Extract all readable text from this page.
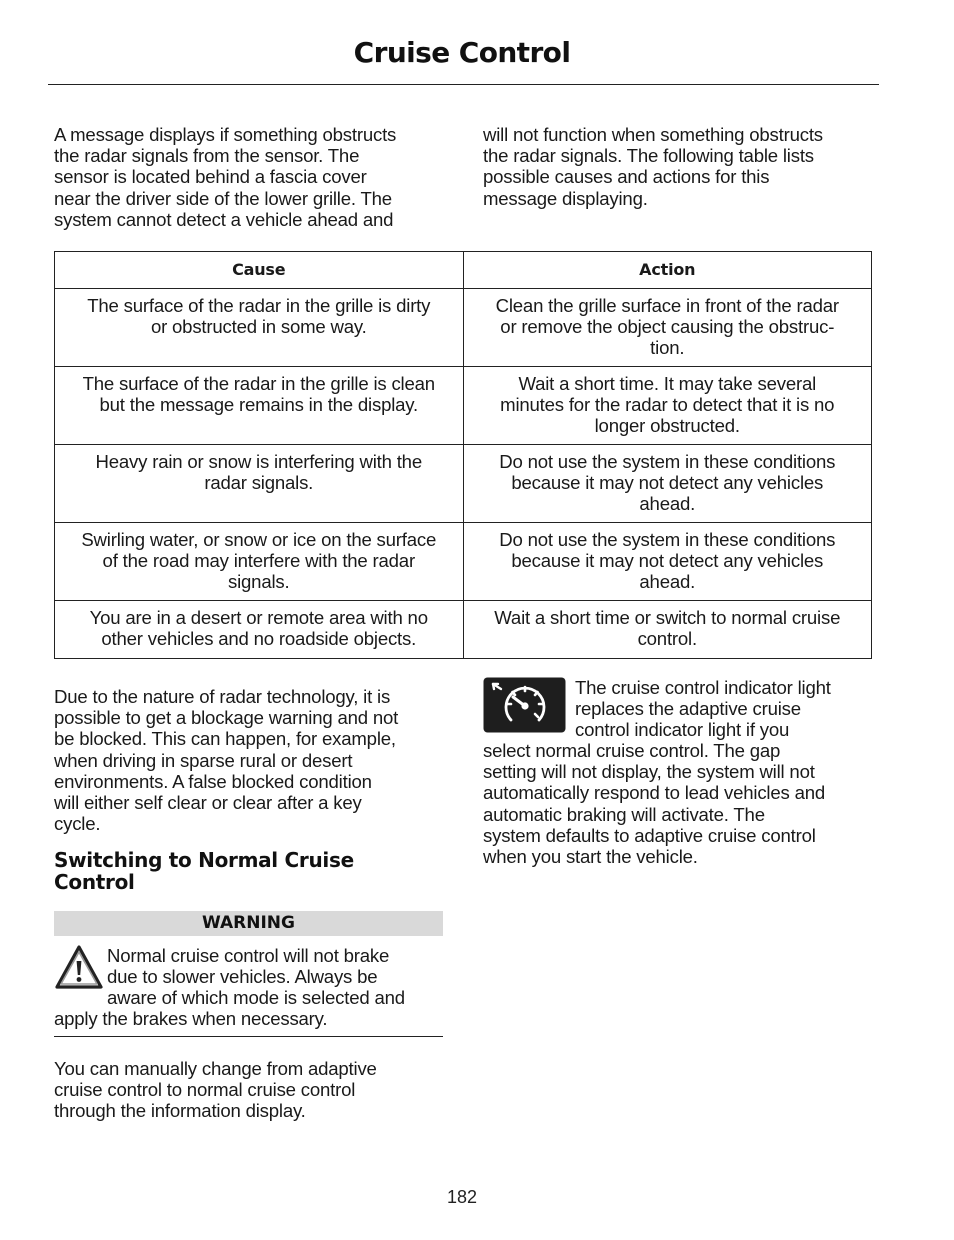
Cruise Control

A message displays if something obstructs
the radar signals from the sensor. The
sensor is located behind a fascia cover
near the driver side of the lower grille. The
system cannot detect a vehicle ahead and

will not function when something obstructs
the radar signals. The following table lists
possible causes and actions for this
message displaying.

Cause	Action
The surface of the radar in the grille is dirty
or obstructed in some way.	Clean the grille surface in front of the radar
or remove the object causing the obstruc-
tion.
The surface of the radar in the grille is clean
but the message remains in the display.	Wait a short time. It may take several
minutes for the radar to detect that it is no
longer obstructed.
Heavy rain or snow is interfering with the
radar signals.	Do not use the system in these conditions
because it may not detect any vehicles
ahead.
Swirling water, or snow or ice on the surface
of the road may interfere with the radar
signals.	Do not use the system in these conditions
because it may not detect any vehicles
ahead.
You are in a desert or remote area with no
other vehicles and no roadside objects.	Wait a short time or switch to normal cruise
control.

Due to the nature of radar technology, it is
possible to get a blockage warning and not
be blocked. This can happen, for example,
when driving in sparse rural or desert
environments. A false blocked condition
will either self clear or clear after a key
cycle.

Switching to Normal Cruise
Control
WARNING

Normal cruise control will not brake
due to slower vehicles. Always be
aware of which mode is selected and

apply the brakes when necessary.

You can manually change from adaptive
cruise control to normal cruise control
through the information display.

The cruise control indicator light
replaces the adaptive cruise
control indicator light if you

select normal cruise control. The gap
setting will not display, the system will not
automatically respond to lead vehicles and
automatic braking will activate. The
system defaults to adaptive cruise control
when you start the vehicle.

182
